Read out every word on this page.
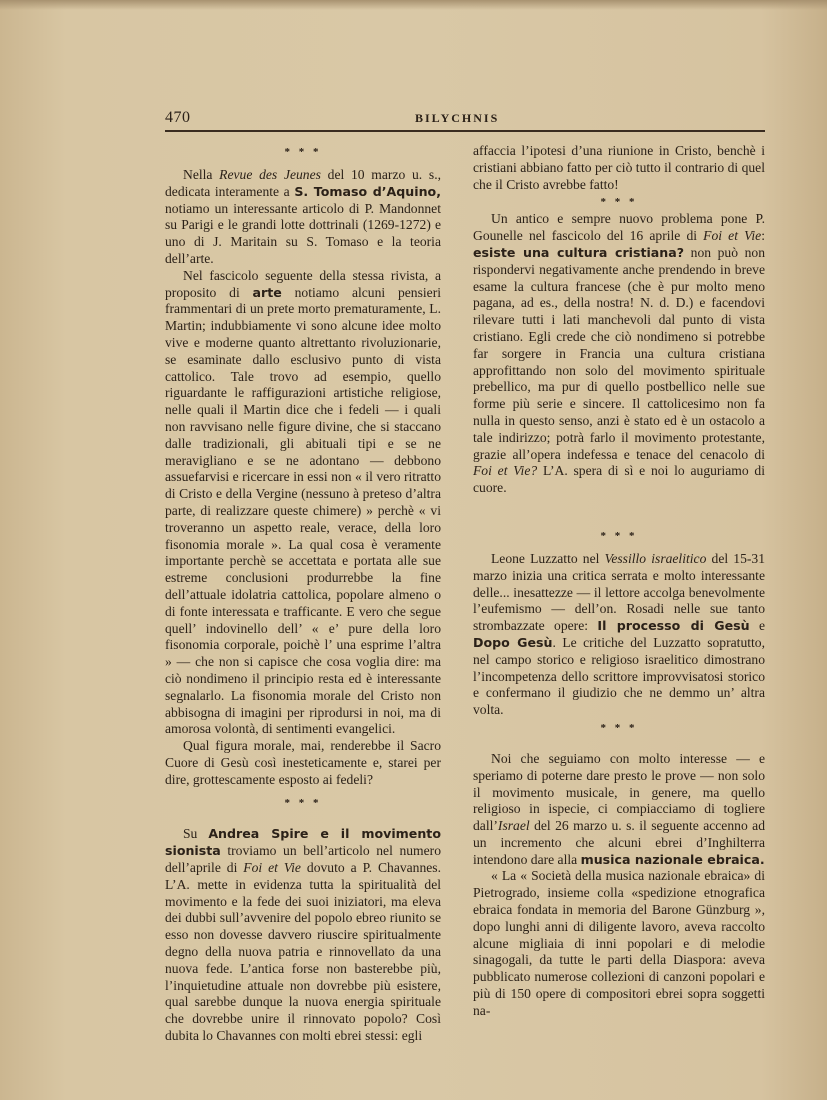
470	BILYCHNIS
* * *

Nella Revue des Jeunes del 10 marzo u. s., dedicata interamente a S. Tomaso d’Aquino, notiamo un interessante articolo di P. Mandonnet su Parigi e le grandi lotte dottrinali (1269-1272) e uno di J. Maritain su S. Tomaso e la teoria dell’arte.

Nel fascicolo seguente della stessa rivista, a proposito di arte notiamo alcuni pensieri frammentari di un prete morto prematuramente, L. Martin; indubbiamente vi sono alcune idee molto vive e moderne quanto altrettanto rivoluzionarie, se esaminate dallo esclusivo punto di vista cattolico. Tale trovo ad esempio, quello riguardante le raffigurazioni artistiche religiose, nelle quali il Martin dice che i fedeli — i quali non ravvisano nelle figure divine, che si staccano dalle tradizionali, gli abituali tipi e se ne meravigliano e se ne adontano — debbono assuefarvisi e ricercare in essi non « il vero ritratto di Cristo e della Vergine (nessuno à preteso d’altra parte, di realizzare queste chimere) » perchè « vi troveranno un aspetto reale, verace, della loro fisonomia morale ». La qual cosa è veramente importante perchè se accettata e portata alle sue estreme conclusioni produrrebbe la fine dell’attuale idolatria cattolica, popolare almeno o di fonte interessata e trafficante. E vero che segue quell’ indovinello dell’ « e’ pure della loro fisonomia corporale, poichè l’ una esprime l’altra » — che non si capisce che cosa voglia dire: ma ciò nondimeno il principio resta ed è interessante segnalarlo. La fisonomia morale del Cristo non abbisogna di imagini per riprodursi in noi, ma di amorosa volontà, di sentimenti evangelici.

Qual figura morale, mai, renderebbe il Sacro Cuore di Gesù così inesteticamente e, starei per dire, grottescamente esposto ai fedeli?

* * *

Su Andrea Spire e il movimento sionista troviamo un bell’articolo nel numero dell’aprile di Foi et Vie dovuto a P. Chavannes. L’A. mette in evidenza tutta la spiritualità del movimento e la fede dei suoi iniziatori, ma eleva dei dubbi sull’avvenire del popolo ebreo riunito se esso non dovesse davvero riuscire spiritualmente degno della nuova patria e rinnovellato da una nuova fede. L’antica forse non basterebbe più, l’inquietudine attuale non dovrebbe più esistere, qual sarebbe dunque la nuova energia spirituale che dovrebbe unire il rinnovato popolo? Così dubita lo Chavannes con molti ebrei stessi: egli

affaccia l’ipotesi d’una riunione in Cristo, benchè i cristiani abbiano fatto per ciò tutto il contrario di quel che il Cristo avrebbe fatto!

* * *

Un antico e sempre nuovo problema pone P. Gounelle nel fascicolo del 16 aprile di Foi et Vie: esiste una cultura cristiana? non può non rispondervi negativamente anche prendendo in breve esame la cultura francese (che è pur molto meno pagana, ad es., della nostra! N. d. D.) e facendovi rilevare tutti i lati manchevoli dal punto di vista cristiano. Egli crede che ciò nondimeno si potrebbe far sorgere in Francia una cultura cristiana approfittando non solo del movimento spirituale prebellico, ma pur di quello postbellico nelle sue forme più serie e sincere. Il cattolicesimo non fa nulla in questo senso, anzi è stato ed è un ostacolo a tale indirizzo; potrà farlo il movimento protestante, grazie all’opera indefessa e tenace del cenacolo di Foi et Vie? L’A. spera di sì e noi lo auguriamo di cuore.

* * *

Leone Luzzatto nel Vessillo israelitico del 15-31 marzo inizia una critica serrata e molto interessante delle... inesattezze — il lettore accolga benevolmente l’eufemismo — dell’on. Rosadi nelle sue tanto strombazzate opere: Il processo di Gesù e Dopo Gesù. Le critiche del Luzzatto sopratutto, nel campo storico e religioso israelitico dimostrano l’incompetenza dello scrittore improvvisatosi storico e confermano il giudizio che ne demmo un’ altra volta.

* * *

Noi che seguiamo con molto interesse — e speriamo di poterne dare presto le prove — non solo il movimento musicale, in genere, ma quello religioso in ispecie, ci compiacciamo di togliere dall’Israel del 26 marzo u. s. il seguente accenno ad un incremento che alcuni ebrei d’Inghilterra intendono dare alla musica nazionale ebraica.

« La « Società della musica nazionale ebraica» di Pietrogrado, insieme colla «spedizione etnografica ebraica fondata in memoria del Barone Günzburg », dopo lunghi anni di diligente lavoro, aveva raccolto alcune migliaia di inni popolari e di melodie sinagogali, da tutte le parti della Diaspora: aveva pubblicato numerose collezioni di canzoni popolari e più di 150 opere di compositori ebrei sopra soggetti na-
